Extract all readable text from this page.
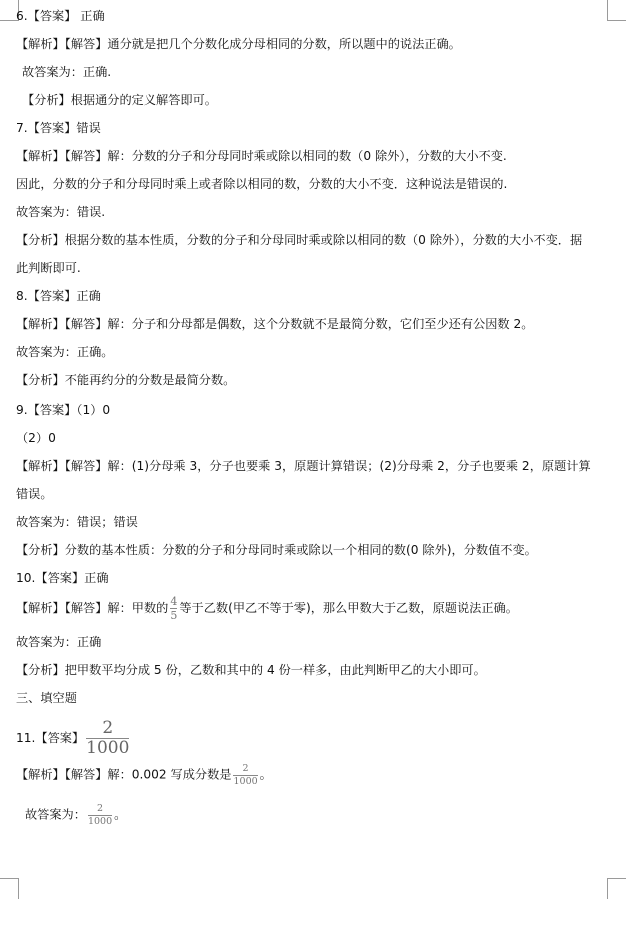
6.【答案】 正确
【解析】【解答】通分就是把几个分数化成分母相同的分数，所以题中的说法正确。
故答案为：正确.
【分析】根据通分的定义解答即可。
7.【答案】错误
【解析】【解答】解：分数的分子和分母同时乘或除以相同的数（0 除外），分数的大小不变.
因此，分数的分子和分母同时乘上或者除以相同的数，分数的大小不变．这种说法是错误的.
故答案为：错误.
【分析】根据分数的基本性质，分数的分子和分母同时乘或除以相同的数（0 除外），分数的大小不变．据
此判断即可.
8.【答案】正确
【解析】【解答】解：分子和分母都是偶数，这个分数就不是最简分数，它们至少还有公因数 2。
故答案为：正确。
【分析】不能再约分的分数是最简分数。
9.【答案】（1）0
（2）0
【解析】【解答】解：(1)分母乘 3，分子也要乘 3，原题计算错误；(2)分母乘 2，分子也要乘 2，原题计算
错误。
故答案为：错误；错误
【分析】分数的基本性质：分数的分子和分母同时乘或除以一个相同的数(0 除外)，分数值不变。
10.【答案】正确
【解析】【解答】解：甲数的 $\frac{4}{5}$ 等于乙数(甲乙不等于零)，那么甲数大于乙数，原题说法正确。
故答案为：正确
【分析】把甲数平均分成 5 份，乙数和其中的 4 份一样多，由此判断甲乙的大小即可。
三、填空题
11.【答案】 $\frac{2}{1000}$
【解析】【解答】解：0.002 写成分数是 $\frac{2}{1000}$ 。
故答案为： $\frac{2}{1000}$ 。
